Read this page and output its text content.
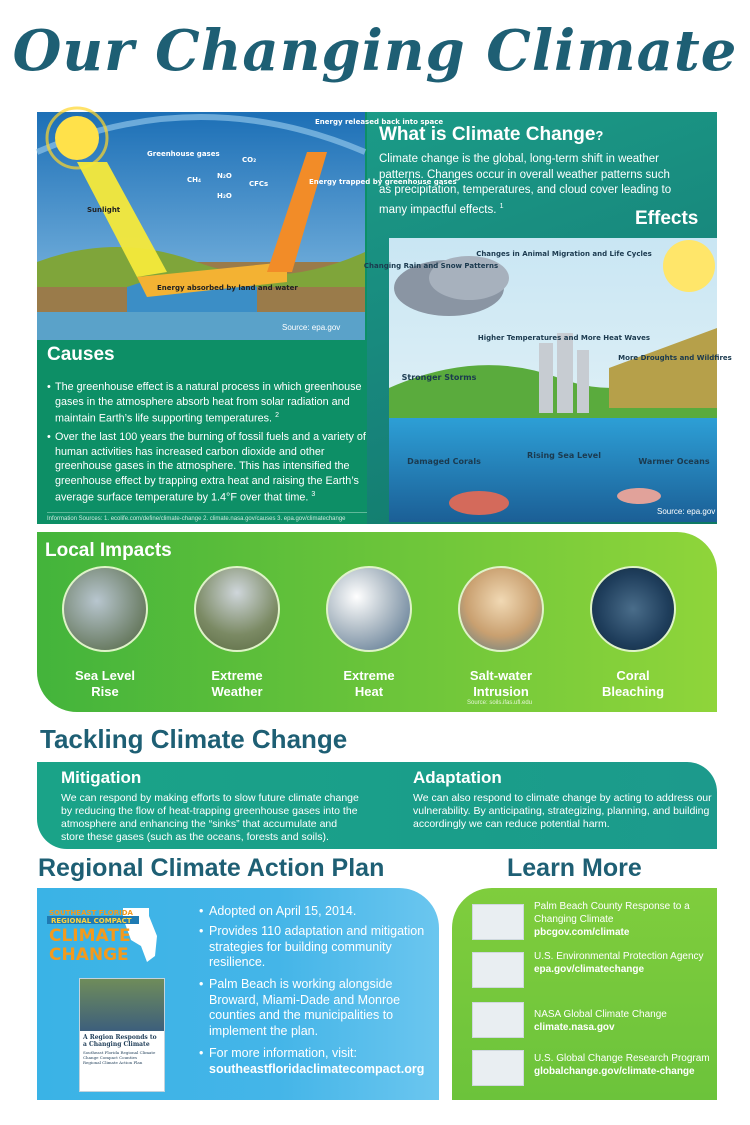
Our Changing Climate
Sunlight
Greenhouse gases
CH₄ N₂O
CO₂
H₂O
CFCs
Energy released back into space
Energy trapped by greenhouse gases
Energy absorbed by land and water
Source: epa.gov
What is Climate Change?
Climate change is the global, long-term shift in weather patterns. Changes occur in overall weather patterns such as precipitation, temperatures, and cloud cover leading to many impactful effects. $^1$
Effects
Changing Rain and Snow Patterns
Changes in Animal Migration and Life Cycles
Higher Temperatures and More Heat Waves
Stronger Storms
More Droughts and Wildfires
Damaged Corals
Rising Sea Level
Warmer Oceans
Source: epa.gov
Causes
• The greenhouse effect is a natural process in which greenhouse gases in the atmosphere absorb heat from solar radiation and maintain Earth’s life supporting temperatures. $^2$
• Over the last 100 years the burning of fossil fuels and a variety of human activities has increased carbon dioxide and other greenhouse gases in the atmosphere. This has intensified the greenhouse effect by trapping extra heat and raising the Earth’s average surface temperature by 1.4°F over that time. $^3$
Information Sources: 1. ecolife.com/define/climate-change 2. climate.nasa.gov/causes 3. epa.gov/climatechange
Local Impacts
Sea Level
Rise
Extreme
Weather
Extreme
Heat
Salt-water
Intrusion
Coral
Bleaching
Source: soils.ifas.ufl.edu
Tackling Climate Change
Mitigation
We can respond by making efforts to slow future climate change by reducing the flow of heat-trapping greenhouse gases into the atmosphere and enhancing the “sinks” that accumulate and store these gases (such as the oceans, forests and soils).
Adaptation
We can also respond to climate change by acting to address our vulnerability. By anticipating, strategizing, planning, and building accordingly we can reduce potential harm.
Regional Climate Action Plan
SOUTHEAST FLORIDA
REGIONAL COMPACT
CLIMATE
CHANGE
A Region Responds to a Changing Climate
Southeast Florida Regional Climate Change Compact Counties
Regional Climate Action Plan
• Adopted on April 15, 2014.
• Provides 110 adaptation and mitigation strategies for building community resilience.
• Palm Beach is working alongside Broward, Miami-Dade and Monroe counties and the municipalities to implement the plan.
• For more information, visit:
southeastfloridaclimatecompact.org
Learn More
Palm Beach County Response to a Changing Climate
pbcgov.com/climate
U.S. Environmental Protection Agency
epa.gov/climatechange
NASA Global Climate Change
climate.nasa.gov
U.S. Global Change Research Program
globalchange.gov/climate-change
